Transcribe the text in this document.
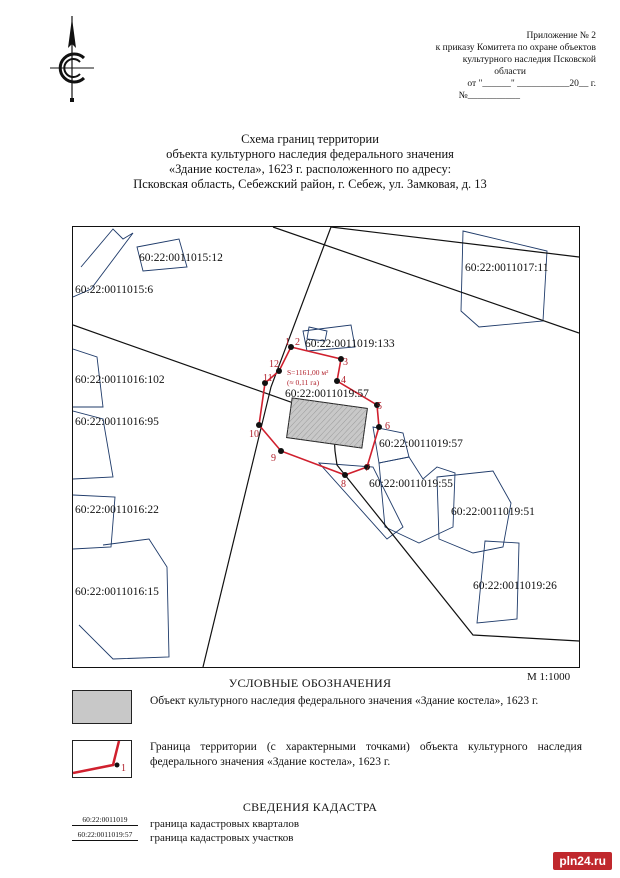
Приложение № 2
к приказу Комитета по охране объектов
культурного наследия Псковской
области
от "______" ___________20__ г.
№___________
Схема границ территории
объекта культурного наследия федерального значения
«Здание костела», 1623 г. расположенного по адресу:
Псковская область, Себежский район, г. Себеж, ул. Замковая, д. 13
1 2
3
4
5
6
7
8
9
10
11
12
S=1161,00 м²
(≈ 0,11 га)
60:22:0011015:12
60:22:0011015:6
60:22:0011017:11
60:22:0011019:133
60:22:0011016:102
60:22:0011019:57
60:22:0011016:95
60:22:0011019:57
60:22:0011019:55
60:22:0011016:22	60:22:0011019:51
60:22:0011016:15	60:22:0011019:26
М 1:1000
УСЛОВНЫЕ ОБОЗНАЧЕНИЯ
Объект культурного наследия федерального значения «Здание костела», 1623 г.
1
Граница территории (с характерными точками) объекта культурного наследия федерального значения «Здание костела», 1623 г.
СВЕДЕНИЯ КАДАСТРА
60:22:0011019	граница кадастровых кварталов
60:22:0011019:57	граница кадастровых участков
pln24.ru
